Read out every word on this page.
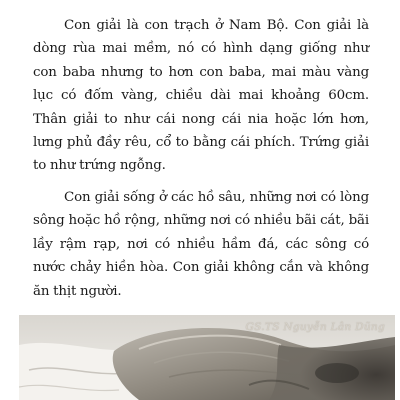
Con giải là con trạch ở Nam Bộ. Con giải là dòng rùa mai mềm, nó có hình dạng giống như con baba nhưng to hơn con baba, mai màu vàng lục có đốm vàng, chiều dài mai khoảng 60cm. Thân giải to như cái nong cái nia hoặc lớn hơn, lưng phủ đầy rêu, cổ to bằng cái phích. Trứng giải to như trứng ngỗng.

Con giải sống ở các hồ sâu, những nơi có lòng sông hoặc hồ rộng, những nơi có nhiều bãi cát, bãi lầy rậm rạp, nơi có nhiều hầm đá, các sông có nước chảy hiền hòa. Con giải không cắn và không ăn thịt người.

GS.TS Nguyễn Lân Dũng
